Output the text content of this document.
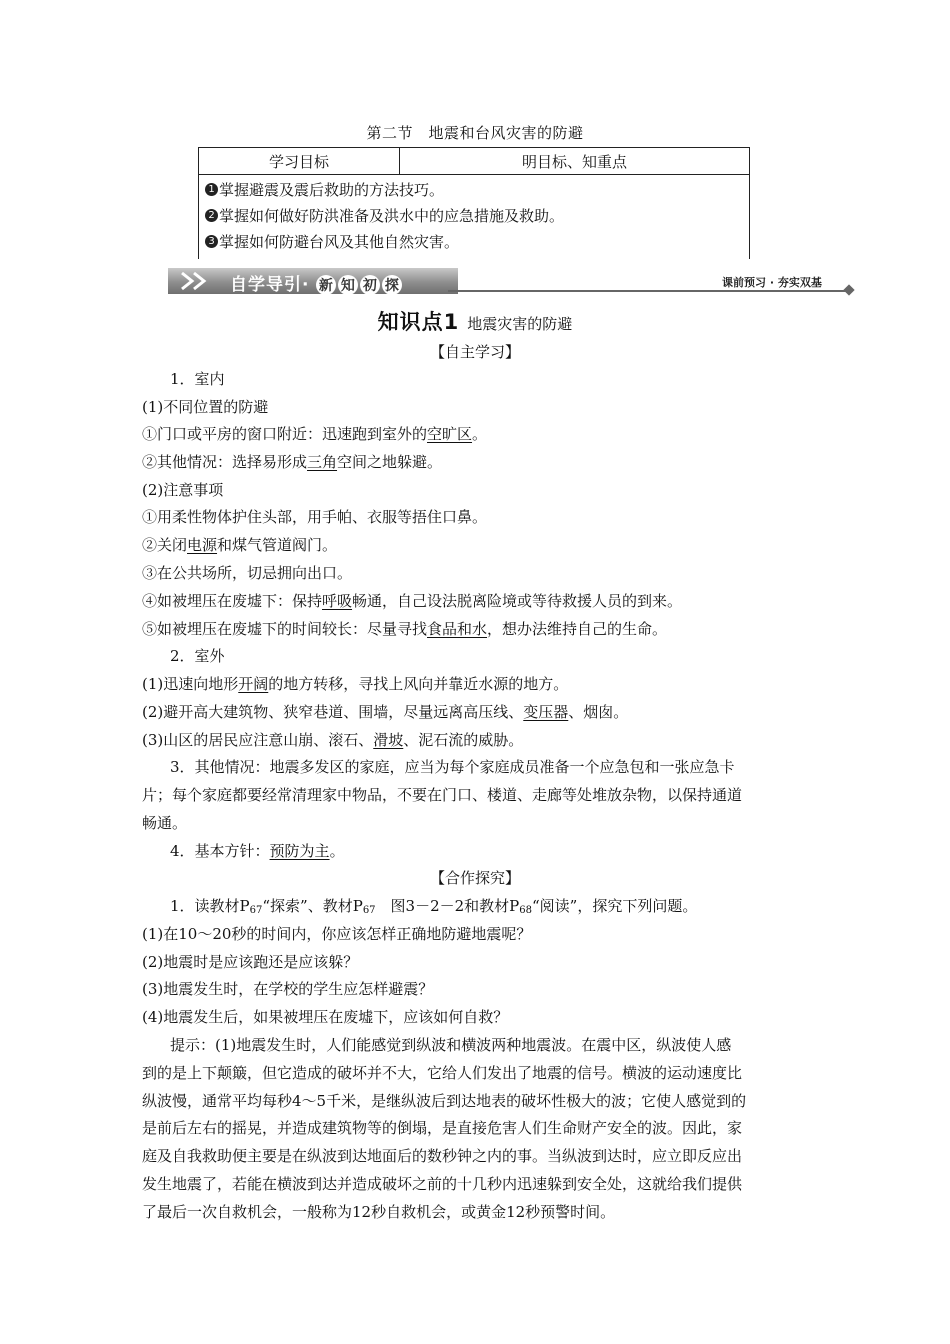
第二节　地震和台风灾害的防避
学习目标	明目标、知重点
1 掌握避震及震后救助的方法技巧。
2 掌握如何做好防洪准备及洪水中的应急措施及救助。
3 掌握如何防避台风及其他自然灾害。
自学导引· 新 知 初 探	课前预习 · 夯实双基
知识点1 地震灾害的防避
【自主学习】
1．室内
(1)不同位置的防避
①门口或平房的窗口附近：迅速跑到室外的空旷区。
②其他情况：选择易形成三角空间之地躲避。
(2)注意事项
①用柔性物体护住头部，用手帕、衣服等捂住口鼻。
②关闭电源和煤气管道阀门。
③在公共场所，切忌拥向出口。
④如被埋压在废墟下：保持呼吸畅通，自己设法脱离险境或等待救援人员的到来。
⑤如被埋压在废墟下的时间较长：尽量寻找食品和水，想办法维持自己的生命。
2．室外
(1)迅速向地形开阔的地方转移，寻找上风向并靠近水源的地方。
(2)避开高大建筑物、狭窄巷道、围墙，尽量远离高压线、变压器、烟囱。
(3)山区的居民应注意山崩、滚石、滑坡、泥石流的威胁。
3．其他情况：地震多发区的家庭，应当为每个家庭成员准备一个应急包和一张应急卡
片；每个家庭都要经常清理家中物品，不要在门口、楼道、走廊等处堆放杂物，以保持通道
畅通。
4．基本方针：预防为主。
【合作探究】
1．读教材$P_{67}“$探索”、教材$P_{67}$　图3－2－2和教材$P_{68}“$阅读”，探究下列问题。
(1)在10～20秒的时间内，你应该怎样正确地防避地震呢？
(2)地震时是应该跑还是应该躲？
(3)地震发生时，在学校的学生应怎样避震？
(4)地震发生后，如果被埋压在废墟下，应该如何自救？
提示：(1)地震发生时，人们能感觉到纵波和横波两种地震波。在震中区，纵波使人感
到的是上下颠簸，但它造成的破坏并不大，它给人们发出了地震的信号。横波的运动速度比
纵波慢，通常平均每秒4～5千米，是继纵波后到达地表的破坏性极大的波；它使人感觉到的
是前后左右的摇晃，并造成建筑物等的倒塌，是直接危害人们生命财产安全的波。因此，家
庭及自我救助便主要是在纵波到达地面后的数秒钟之内的事。当纵波到达时，应立即反应出
发生地震了，若能在横波到达并造成破坏之前的十几秒内迅速躲到安全处，这就给我们提供
了最后一次自救机会，一般称为12秒自救机会，或黄金12秒预警时间。
